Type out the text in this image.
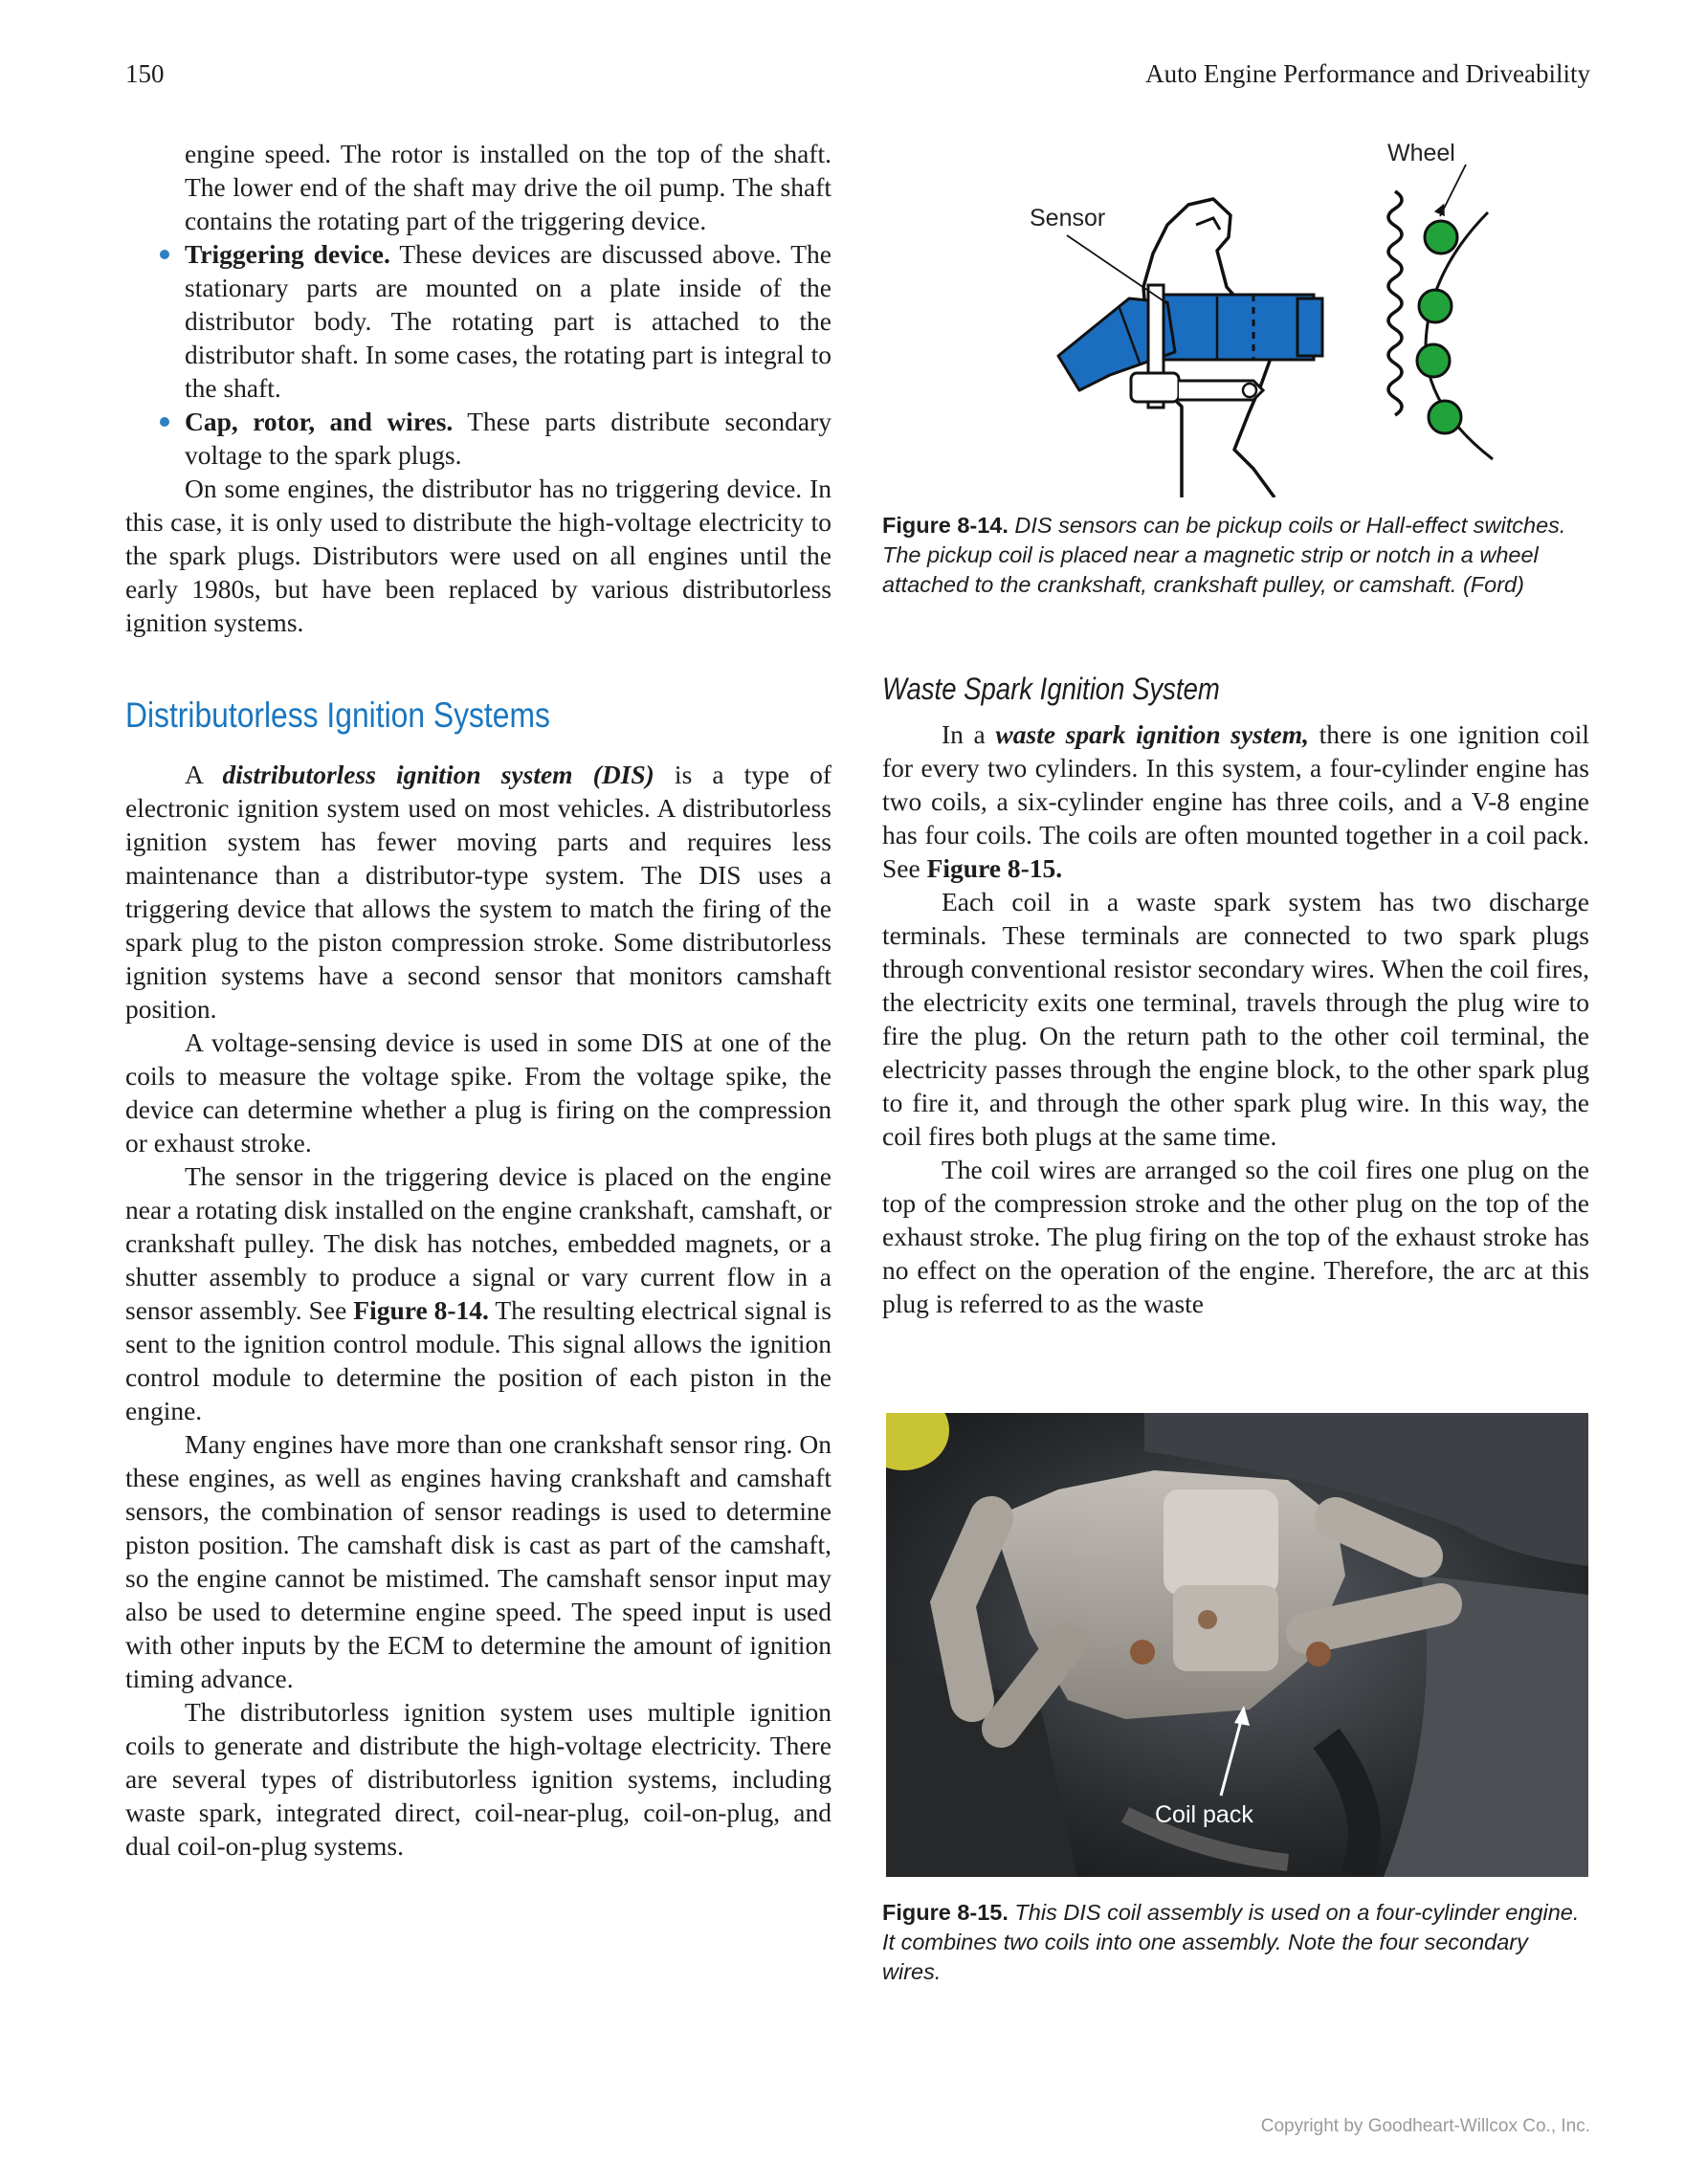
150	Auto Engine Performance and Driveability

engine speed. The rotor is installed on the top of the shaft. The lower end of the shaft may drive the oil pump. The shaft contains the rotating part of the triggering device.

Triggering device. These devices are discussed above. The stationary parts are mounted on a plate inside of the distributor body. The rotating part is attached to the distributor shaft. In some cases, the rotating part is integral to the shaft.
Cap, rotor, and wires. These parts distribute secondary voltage to the spark plugs.

On some engines, the distributor has no triggering device. In this case, it is only used to distribute the high-voltage electricity to the spark plugs. Distributors were used on all engines until the early 1980s, but have been replaced by various distributorless ignition systems.

Distributorless Ignition Systems

A distributorless ignition system (DIS) is a type of electronic ignition system used on most vehicles. A distributorless ignition system has fewer moving parts and requires less maintenance than a distributor-type system. The DIS uses a triggering device that allows the system to match the firing of the spark plug to the piston compression stroke. Some distributorless ignition systems have a second sensor that monitors camshaft position.

A voltage-sensing device is used in some DIS at one of the coils to measure the voltage spike. From the voltage spike, the device can determine whether a plug is firing on the compression or exhaust stroke.

The sensor in the triggering device is placed on the engine near a rotating disk installed on the engine crankshaft, camshaft, or crankshaft pulley. The disk has notches, embedded magnets, or a shutter assembly to produce a signal or vary current flow in a sensor assembly. See Figure 8-14. The resulting electrical signal is sent to the ignition control module. This signal allows the ignition control module to determine the position of each piston in the engine.

Many engines have more than one crankshaft sensor ring. On these engines, as well as engines having crankshaft and camshaft sensors, the combination of sensor readings is used to determine piston position. The camshaft disk is cast as part of the camshaft, so the engine cannot be mistimed. The camshaft sensor input may also be used to determine engine speed. The speed input is used with other inputs by the ECM to determine the amount of ignition timing advance.

The distributorless ignition system uses multiple ignition coils to generate and distribute the high-voltage electricity. There are several types of distributorless ignition systems, including waste spark, integrated direct, coil-near-plug, coil-on-plug, and dual coil-on-plug systems.

Sensor
Wheel
Figure 8-14. DIS sensors can be pickup coils or Hall-effect switches. The pickup coil is placed near a magnetic strip or notch in a wheel attached to the crankshaft, crankshaft pulley, or camshaft. (Ford)
Waste Spark Ignition System

In a waste spark ignition system, there is one ignition coil for every two cylinders. In this system, a four-cylinder engine has two coils, a six-cylinder engine has three coils, and a V-8 engine has four coils. The coils are often mounted together in a coil pack. See Figure 8-15.

Each coil in a waste spark system has two discharge terminals. These terminals are connected to two spark plugs through conventional resistor secondary wires. When the coil fires, the electricity exits one terminal, travels through the plug wire to fire the plug. On the return path to the other coil terminal, the electricity passes through the engine block, to the other spark plug to fire it, and through the other spark plug wire. In this way, the coil fires both plugs at the same time.

The coil wires are arranged so the coil fires one plug on the top of the compression stroke and the other plug on the top of the exhaust stroke. The plug firing on the top of the exhaust stroke has no effect on the operation of the engine. Therefore, the arc at this plug is referred to as the waste

Coil pack
Figure 8-15. This DIS coil assembly is used on a four-cylinder engine. It combines two coils into one assembly. Note the four secondary wires.
Copyright by Goodheart-Willcox Co., Inc.
